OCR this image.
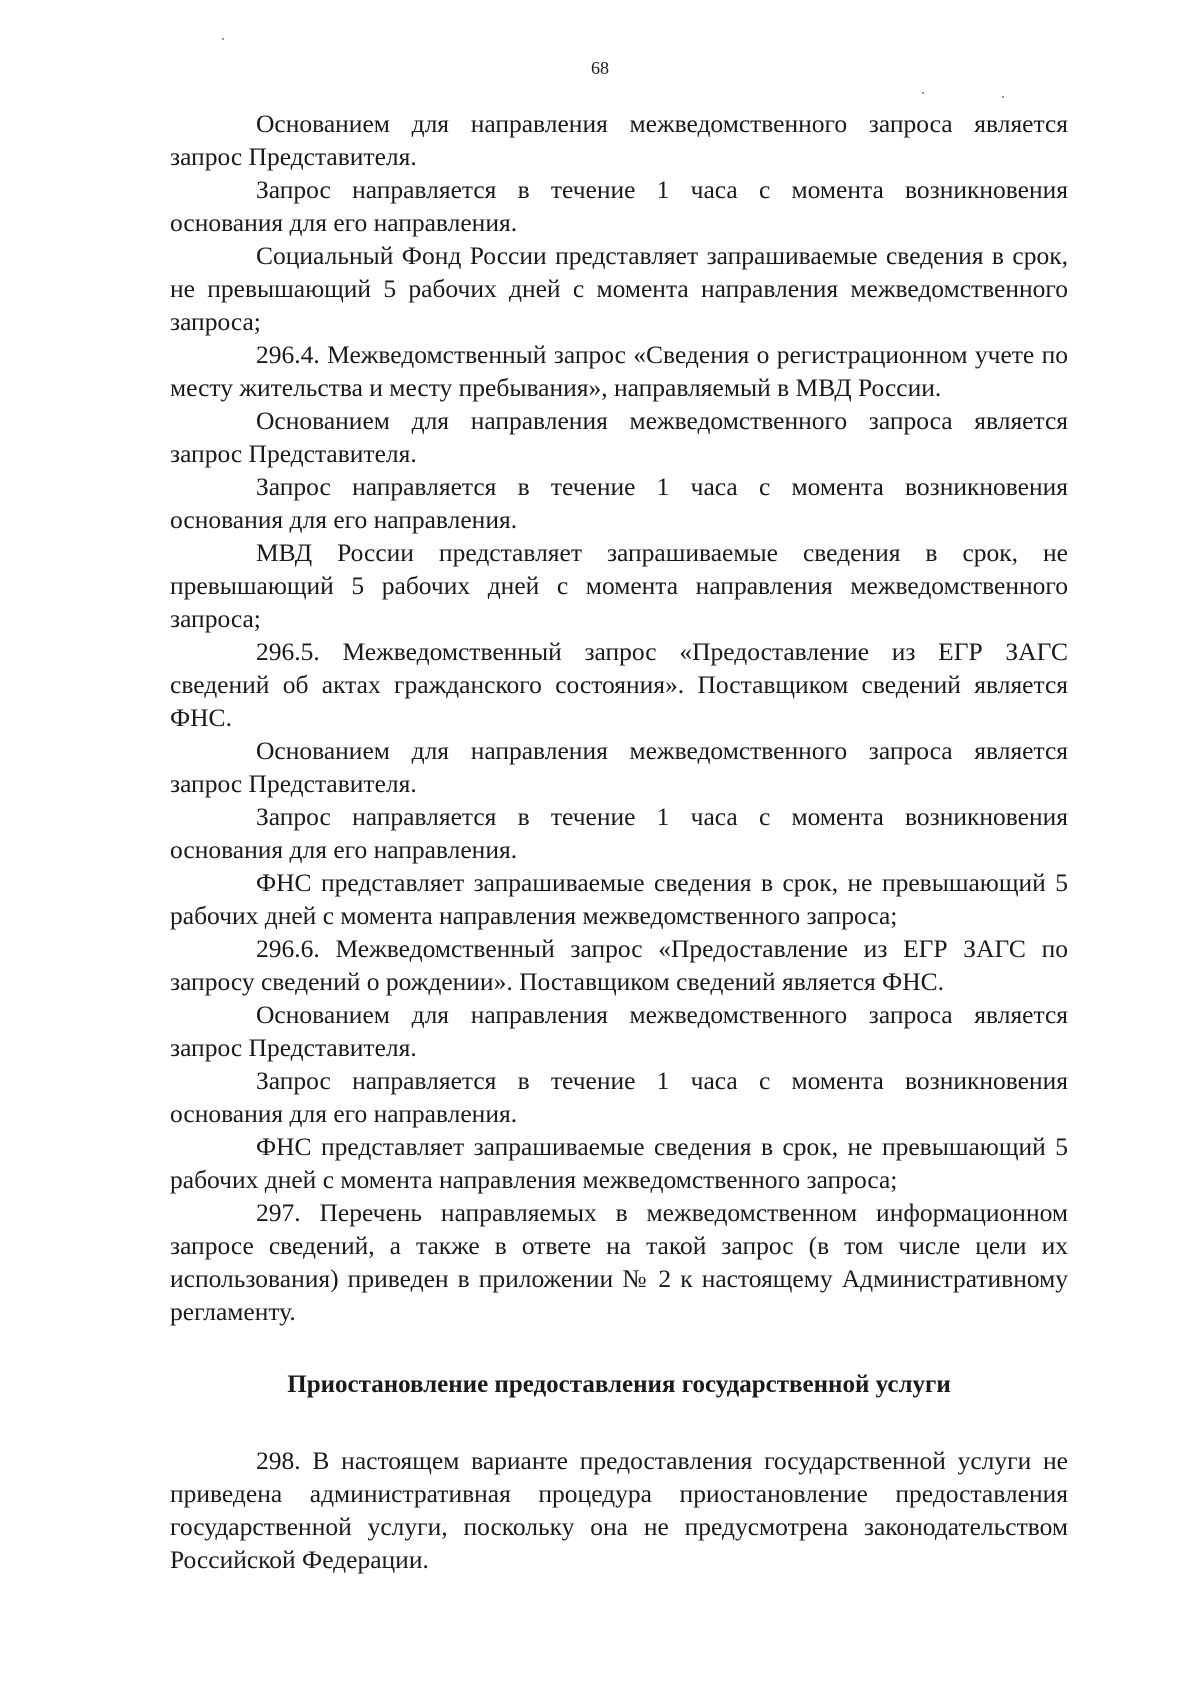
68

Основанием для направления межведомственного запроса является запрос Представителя.

Запрос направляется в течение 1 часа с момента возникновения основания для его направления.

Социальный Фонд России представляет запрашиваемые сведения в срок, не превышающий 5 рабочих дней с момента направления межведомственного запроса;

296.4. Межведомственный запрос «Сведения о регистрационном учете по месту жительства и месту пребывания», направляемый в МВД России.

Основанием для направления межведомственного запроса является запрос Представителя.

Запрос направляется в течение 1 часа с момента возникновения основания для его направления.

МВД России представляет запрашиваемые сведения в срок, не превышающий 5 рабочих дней с момента направления межведомственного запроса;

296.5. Межведомственный запрос «Предоставление из ЕГР ЗАГС сведений об актах гражданского состояния». Поставщиком сведений является ФНС.

Основанием для направления межведомственного запроса является запрос Представителя.

Запрос направляется в течение 1 часа с момента возникновения основания для его направления.

ФНС представляет запрашиваемые сведения в срок, не превышающий 5 рабочих дней с момента направления межведомственного запроса;

296.6. Межведомственный запрос «Предоставление из ЕГР ЗАГС по запросу сведений о рождении». Поставщиком сведений является ФНС.

Основанием для направления межведомственного запроса является запрос Представителя.

Запрос направляется в течение 1 часа с момента возникновения основания для его направления.

ФНС представляет запрашиваемые сведения в срок, не превышающий 5 рабочих дней с момента направления межведомственного запроса;

297. Перечень направляемых в межведомственном информационном запросе сведений, а также в ответе на такой запрос (в том числе цели их использования) приведен в приложении № 2 к настоящему Административному регламенту.

Приостановление предоставления государственной услуги

298. В настоящем варианте предоставления государственной услуги не приведена административная процедура приостановление предоставления государственной услуги, поскольку она не предусмотрена законодательством Российской Федерации.
